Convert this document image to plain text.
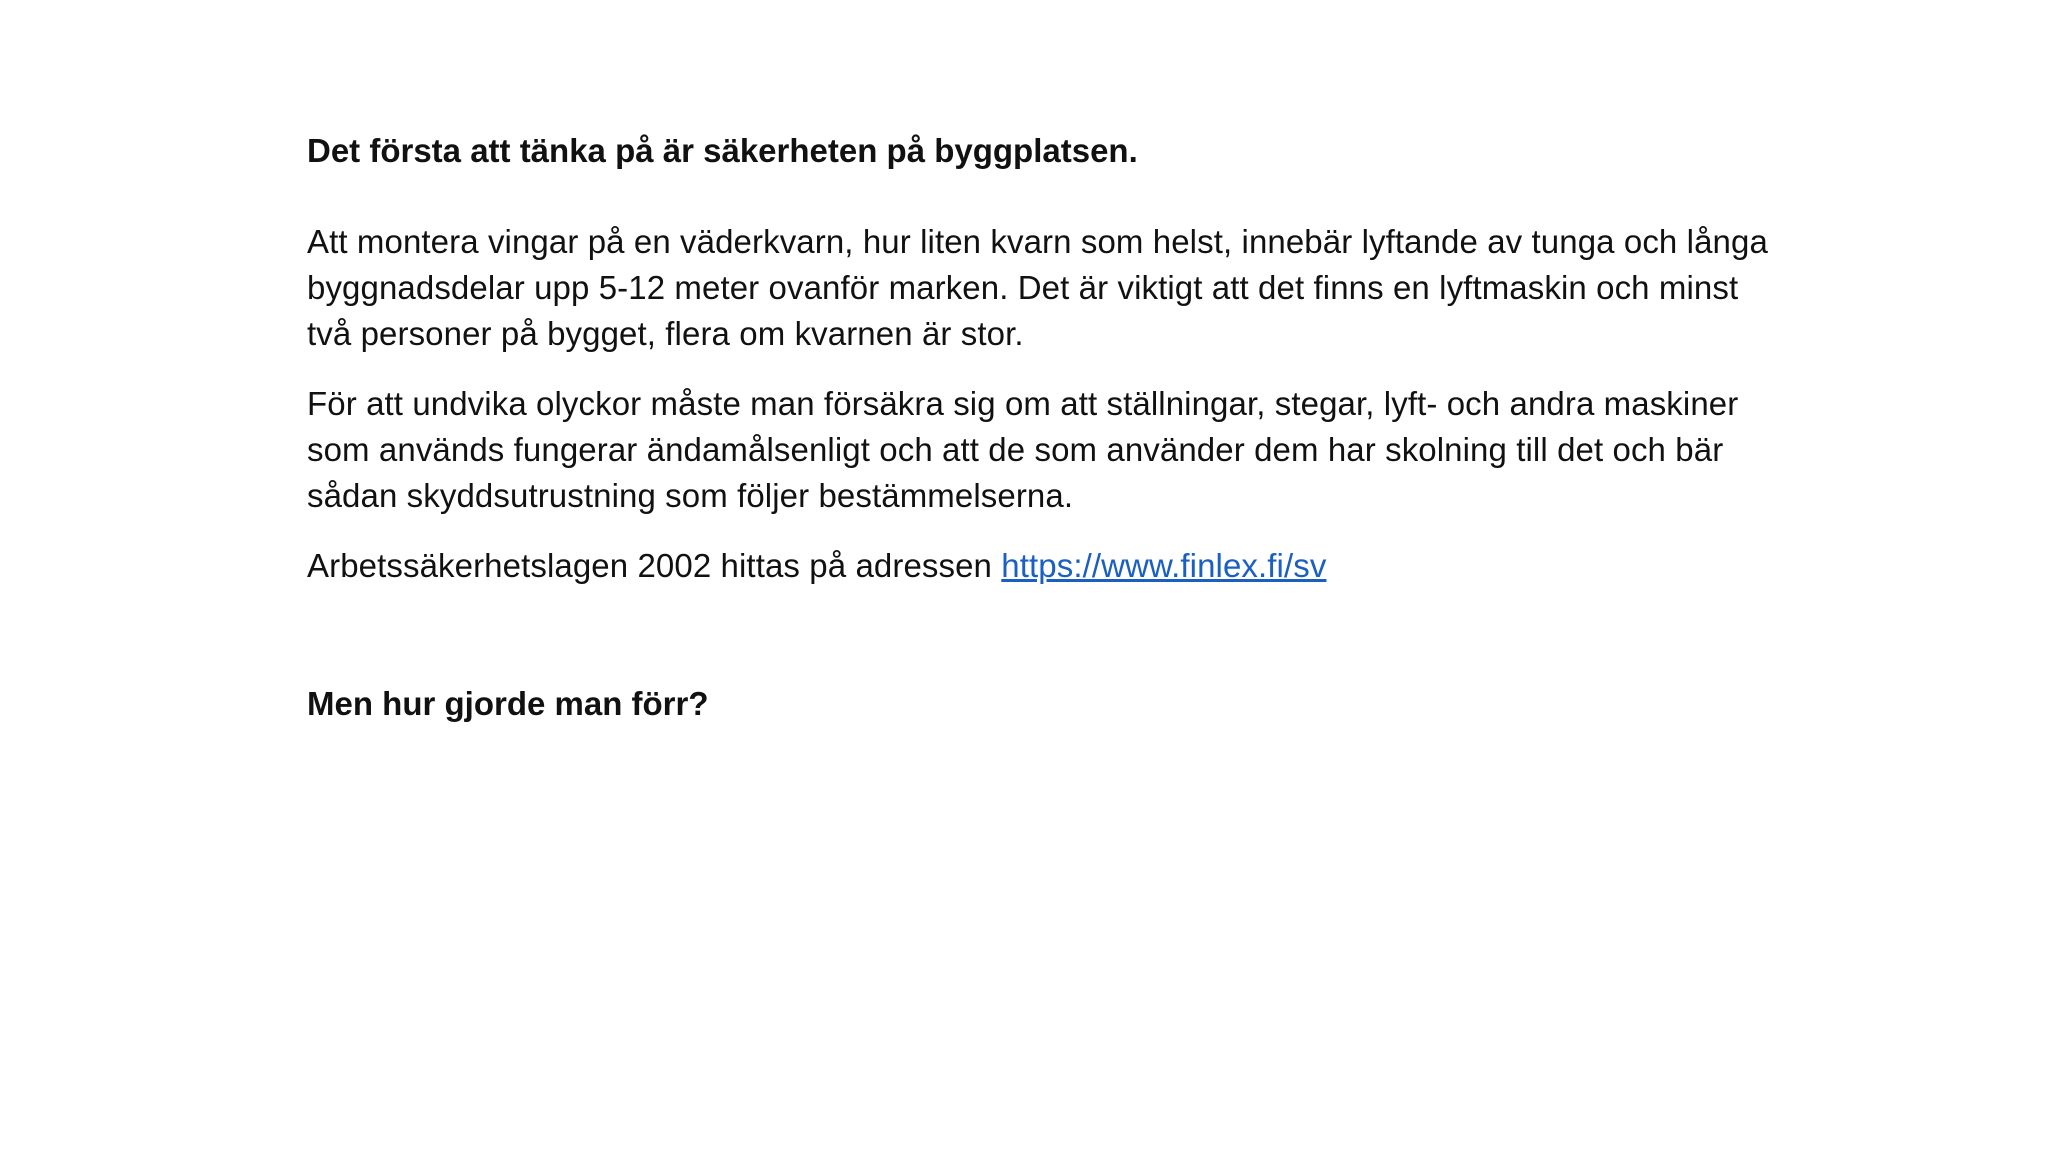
Det första att tänka på är säkerheten på byggplatsen.

Att montera vingar på en väderkvarn, hur liten kvarn som helst, innebär lyftande av tunga och långa
byggnadsdelar upp 5-12 meter ovanför marken. Det är viktigt att det finns en lyftmaskin och minst
två personer på bygget, flera om kvarnen är stor.
För att undvika olyckor måste man försäkra sig om att ställningar, stegar, lyft- och andra maskiner
som används fungerar ändamålsenligt och att de som använder dem har skolning till det och bär
sådan skyddsutrustning som följer bestämmelserna.
Arbetssäkerhetslagen 2002 hittas på adressen https://www.finlex.fi/sv

Men hur gjorde man förr?
